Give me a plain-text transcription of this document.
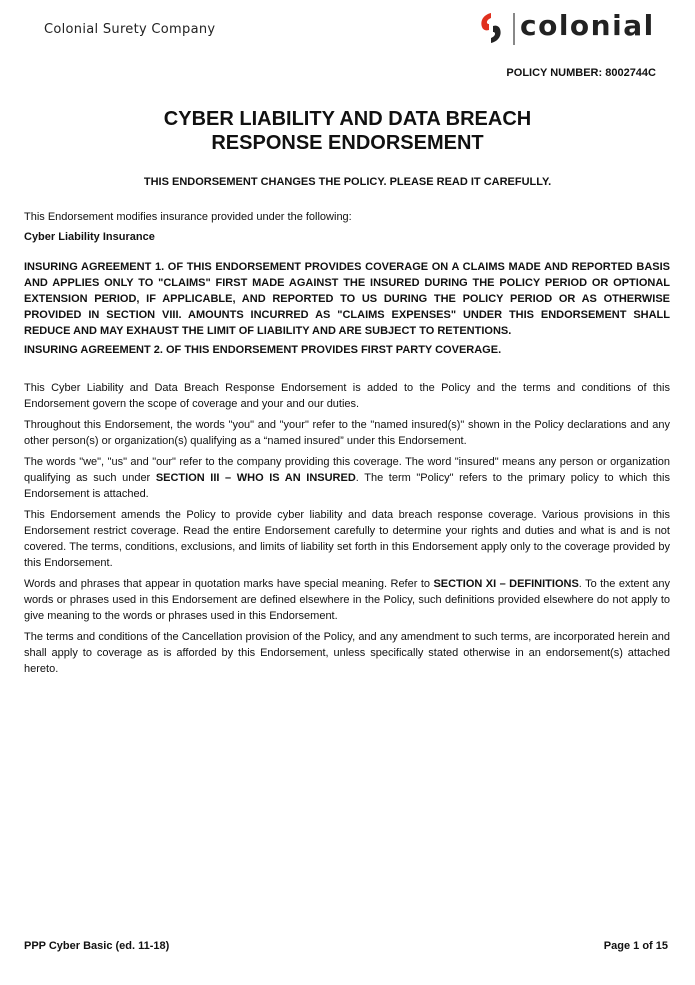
Colonial Surety Company	colonial
POLICY NUMBER: 8002744C
CYBER LIABILITY AND DATA BREACH
RESPONSE ENDORSEMENT
THIS ENDORSEMENT CHANGES THE POLICY. PLEASE READ IT CAREFULLY.

This Endorsement modifies insurance provided under the following:

Cyber Liability Insurance

INSURING AGREEMENT 1. OF THIS ENDORSEMENT PROVIDES COVERAGE ON A CLAIMS MADE AND REPORTED BASIS AND APPLIES ONLY TO "CLAIMS" FIRST MADE AGAINST THE INSURED DURING THE POLICY PERIOD OR OPTIONAL EXTENSION PERIOD, IF APPLICABLE, AND REPORTED TO US DURING THE POLICY PERIOD OR AS OTHERWISE PROVIDED IN SECTION VIII. AMOUNTS INCURRED AS "CLAIMS EXPENSES" UNDER THIS ENDORSEMENT SHALL REDUCE AND MAY EXHAUST THE LIMIT OF LIABILITY AND ARE SUBJECT TO RETENTIONS.

INSURING AGREEMENT 2. OF THIS ENDORSEMENT PROVIDES FIRST PARTY COVERAGE.

This Cyber Liability and Data Breach Response Endorsement is added to the Policy and the terms and conditions of this Endorsement govern the scope of coverage and your and our duties.

Throughout this Endorsement, the words "you" and "your" refer to the "named insured(s)" shown in the Policy declarations and any other person(s) or organization(s) qualifying as a “named insured” under this Endorsement.

The words "we", "us" and "our" refer to the company providing this coverage. The word "insured" means any person or organization qualifying as such under SECTION III – WHO IS AN INSURED. The term "Policy" refers to the primary policy to which this Endorsement is attached.

This Endorsement amends the Policy to provide cyber liability and data breach response coverage. Various provisions in this Endorsement restrict coverage. Read the entire Endorsement carefully to determine your rights and duties and what is and is not covered. The terms, conditions, exclusions, and limits of liability set forth in this Endorsement apply only to the coverage provided by this Endorsement.

Words and phrases that appear in quotation marks have special meaning. Refer to SECTION XI – DEFINITIONS. To the extent any words or phrases used in this Endorsement are defined elsewhere in the Policy, such definitions provided elsewhere do not apply to give meaning to the words or phrases used in this Endorsement.

The terms and conditions of the Cancellation provision of the Policy, and any amendment to such terms, are incorporated herein and shall apply to coverage as is afforded by this Endorsement, unless specifically stated otherwise in an endorsement(s) attached hereto.

PPP Cyber Basic (ed. 11-18)	Page 1 of 15
